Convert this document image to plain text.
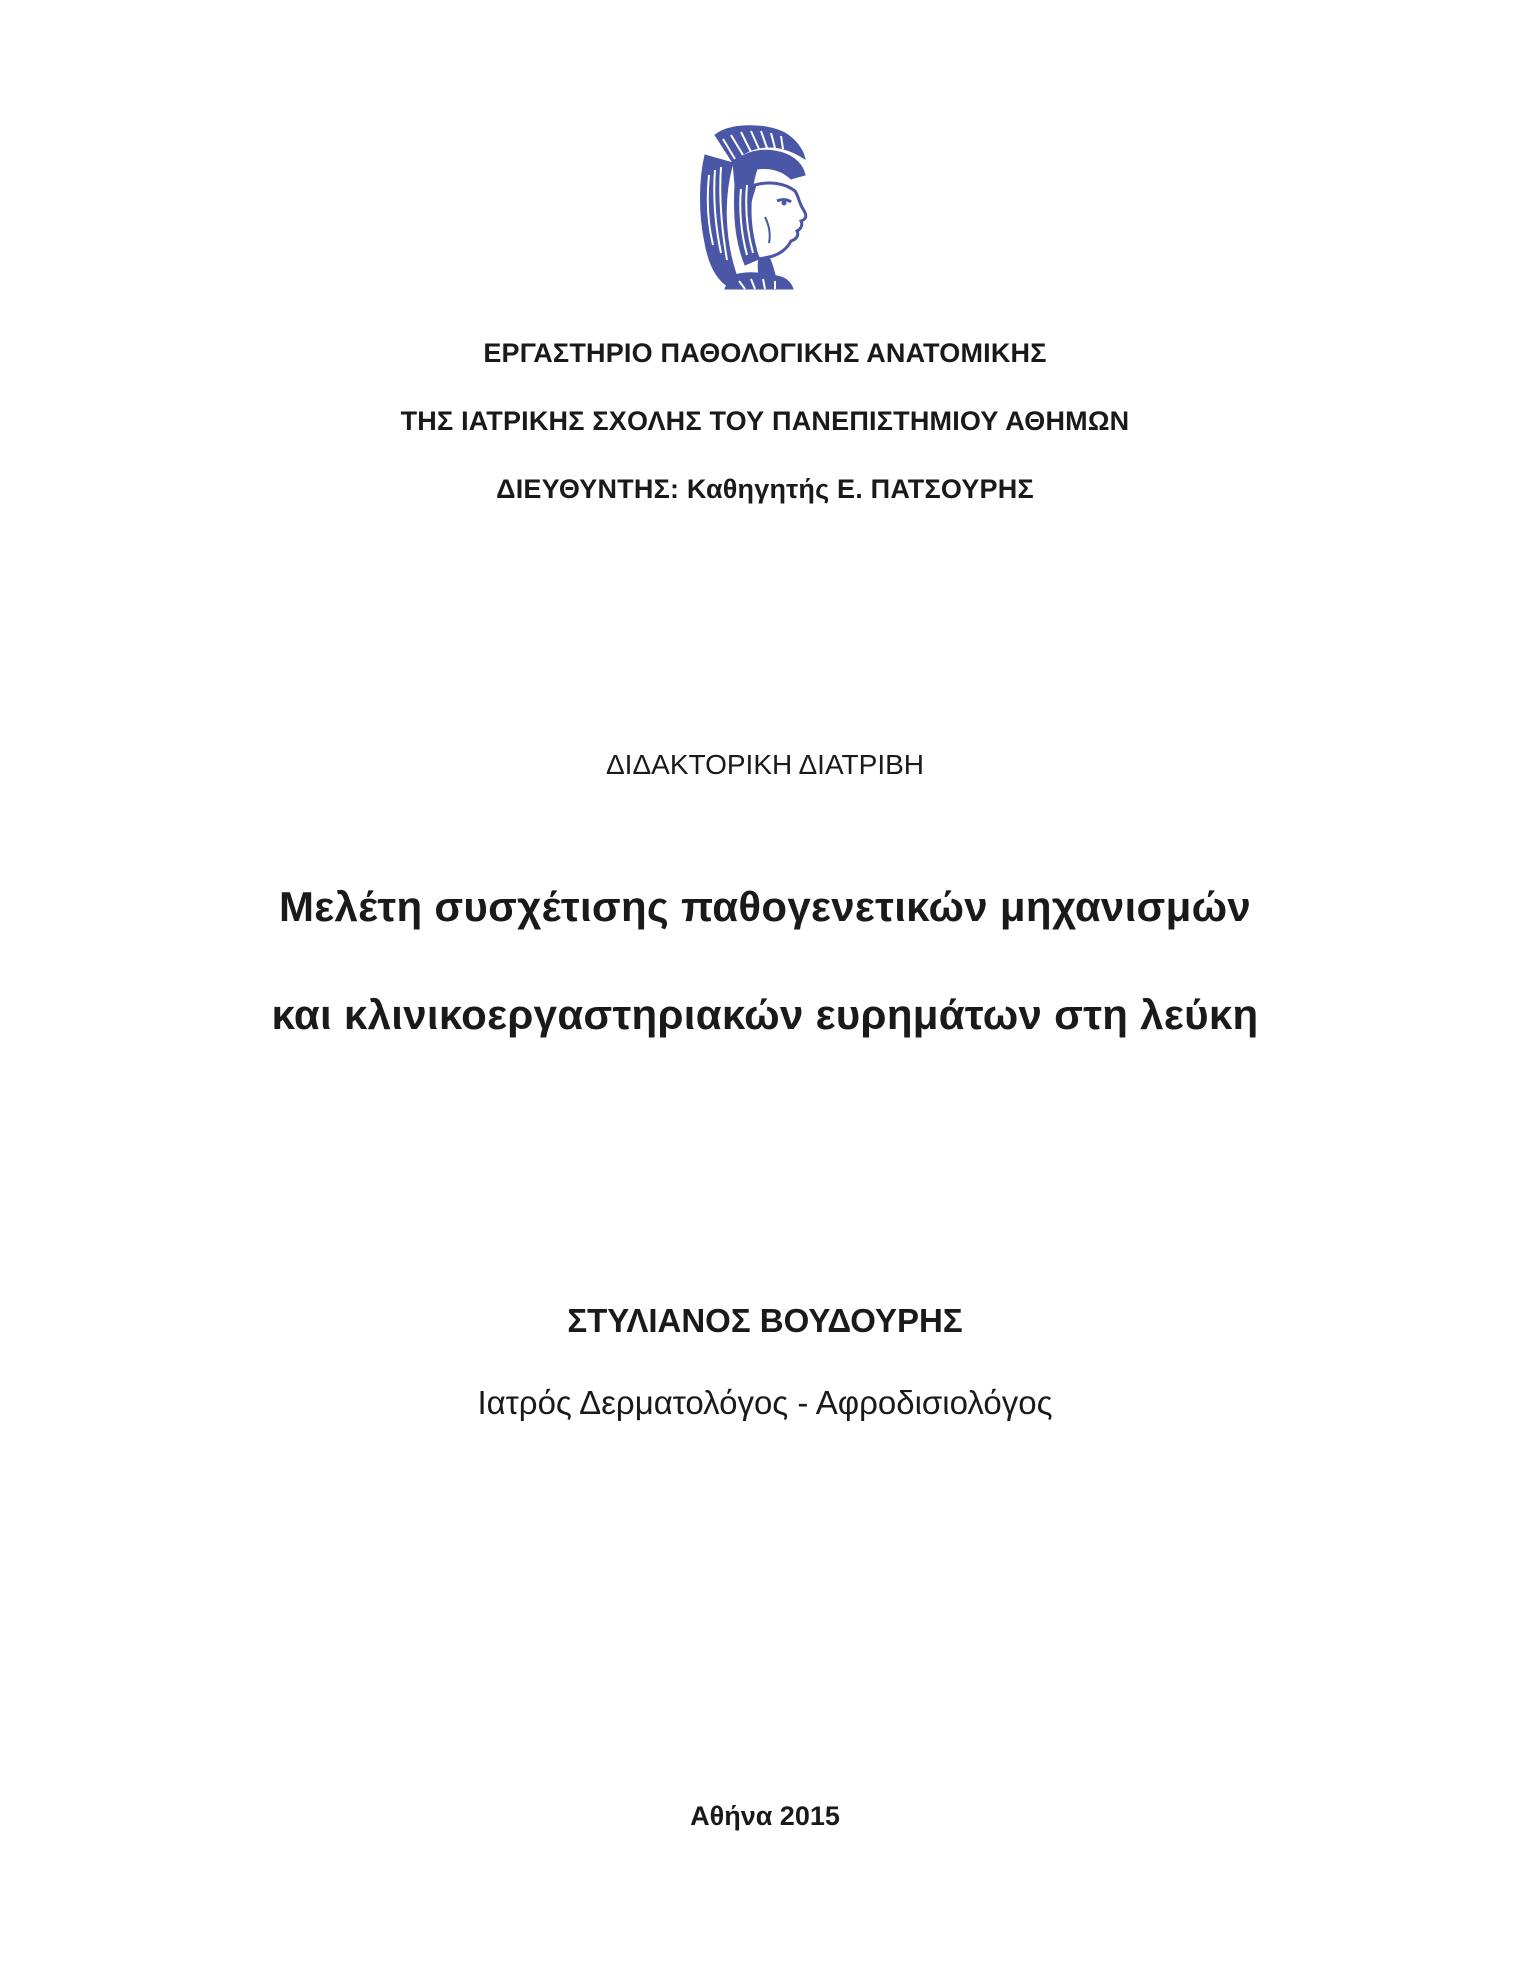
ΕΡΓΑΣΤΗΡΙΟ ΠΑΘΟΛΟΓΙΚΗΣ ΑΝΑΤΟΜΙΚΗΣ
ΤΗΣ ΙΑΤΡΙΚΗΣ ΣΧΟΛΗΣ ΤΟΥ ΠΑΝΕΠΙΣΤΗΜΙΟΥ ΑΘΗΜΩΝ
ΔΙΕΥΘΥΝΤΗΣ: Καθηγητής Ε. ΠΑΤΣΟΥΡΗΣ
ΔΙΔΑΚΤΟΡΙΚΗ ΔΙΑΤΡΙΒΗ
Μελέτη συσχέτισης παθογενετικών μηχανισμών
και κλινικοεργαστηριακών ευρημάτων στη λεύκη
ΣΤΥΛΙΑΝΟΣ ΒΟΥΔΟΥΡΗΣ
Ιατρός Δερματολόγος - Αφροδισιολόγος
Αθήνα 2015
